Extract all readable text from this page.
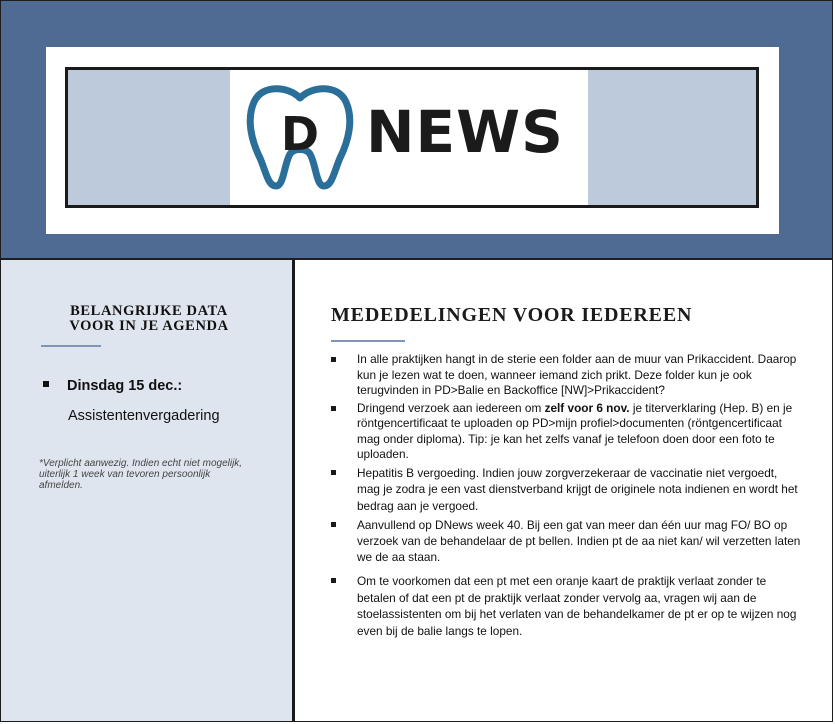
D NEWS
BELANGRIJKE DATA
VOOR IN JE AGENDA
Dinsdag 15 dec.:
Assistentenvergadering
*Verplicht aanwezig. Indien echt niet mogelijk, uiterlijk 1 week van tevoren persoonlijk afmelden.
MEDEDELINGEN VOOR IEDEREEN
In alle praktijken hangt in de sterie een folder aan de muur van Prikaccident. Daarop kun je lezen wat te doen, wanneer iemand zich prikt. Deze folder kun je ook terugvinden in PD>Balie en Backoffice [NW]>Prikaccident?
Dringend verzoek aan iedereen om zelf voor 6 nov. je titerverklaring (Hep. B) en je röntgencertificaat te uploaden op PD>mijn profiel>documenten (röntgencertificaat mag onder diploma). Tip: je kan het zelfs vanaf je telefoon doen door een foto te uploaden.
Hepatitis B vergoeding. Indien jouw zorgverzekeraar de vaccinatie niet vergoedt, mag je zodra je een vast dienstverband krijgt de originele nota indienen en wordt het bedrag aan je vergoed.
Aanvullend op DNews week 40. Bij een gat van meer dan één uur mag FO/ BO op verzoek van de behandelaar de pt bellen. Indien pt de aa niet kan/ wil verzetten laten we de aa staan.
Om te voorkomen dat een pt met een oranje kaart de praktijk verlaat zonder te betalen of dat een pt de praktijk verlaat zonder vervolg aa, vragen wij aan de stoelassistenten om bij het verlaten van de behandelkamer de pt er op te wijzen nog even bij de balie langs te lopen.
